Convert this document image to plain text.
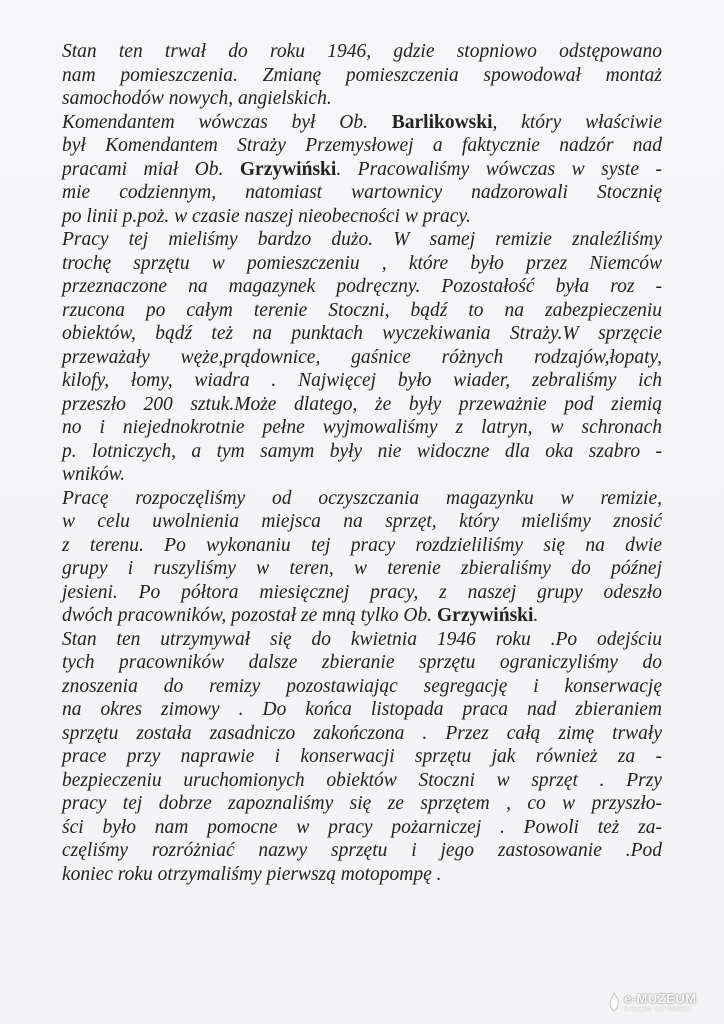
Stan ten trwał do roku 1946, gdzie stopniowo odstępowano
nam pomieszczenia. Zmianę pomieszczenia spowodował montaż
samochodów nowych, angielskich.
Komendantem wówczas był Ob. Barlikowski, który właściwie
był Komendantem Straży Przemysłowej a faktycznie nadzór nad
pracami miał Ob. Grzywiński. Pracowaliśmy wówczas w syste -
mie codziennym, natomiast wartownicy nadzorowali Stocznię
po linii p.poż. w czasie naszej nieobecności w pracy.
Pracy tej mieliśmy bardzo dużo. W samej remizie znaleźliśmy
trochę sprzętu w pomieszczeniu , które było przez Niemców
przeznaczone na magazynek podręczny. Pozostałość była roz -
rzucona po całym terenie Stoczni, bądź to na zabezpieczeniu
obiektów, bądź też na punktach wyczekiwania Straży.W sprzęcie
przeważały węże,prądownice, gaśnice różnych rodzajów,łopaty,
kilofy, łomy, wiadra . Najwięcej było wiader, zebraliśmy ich
przeszło 200 sztuk.Może dlatego, że były przeważnie pod ziemią
no i niejednokrotnie pełne wyjmowaliśmy z latryn, w schronach
p. lotniczych, a tym samym były nie widoczne dla oka szabro -
wników.
Pracę rozpoczęliśmy od oczyszczania magazynku w remizie,
w celu uwolnienia miejsca na sprzęt, który mieliśmy znosić
z terenu. Po wykonaniu tej pracy rozdzieliliśmy się na dwie
grupy i ruszyliśmy w teren, w terenie zbieraliśmy do późnej
jesieni. Po półtora miesięcznej pracy, z naszej grupy odeszło
dwóch pracowników, pozostał ze mną tylko Ob. Grzywiński.
Stan ten utrzymywał się do kwietnia 1946 roku .Po odejściu
tych pracowników dalsze zbieranie sprzętu ograniczyliśmy do
znoszenia do remizy pozostawiając segregację i konserwację
na okres zimowy . Do końca listopada praca nad zbieraniem
sprzętu została zasadniczo zakończona . Przez całą zimę trwały
prace przy naprawie i konserwacji sprzętu jak również za -
bezpieczeniu uruchomionych obiektów Stoczni w sprzęt . Przy
pracy tej dobrze zapoznaliśmy się ze sprzętem , co w przyszło-
ści było nam pomocne w pracy pożarniczej . Powoli też za-
częliśmy rozróżniać nazwy sprzętu i jego zastosowanie .Pod
koniec roku otrzymaliśmy pierwszą motopompę .
e-MUZEUM
STOCZNI GDYŃSKIEJ
